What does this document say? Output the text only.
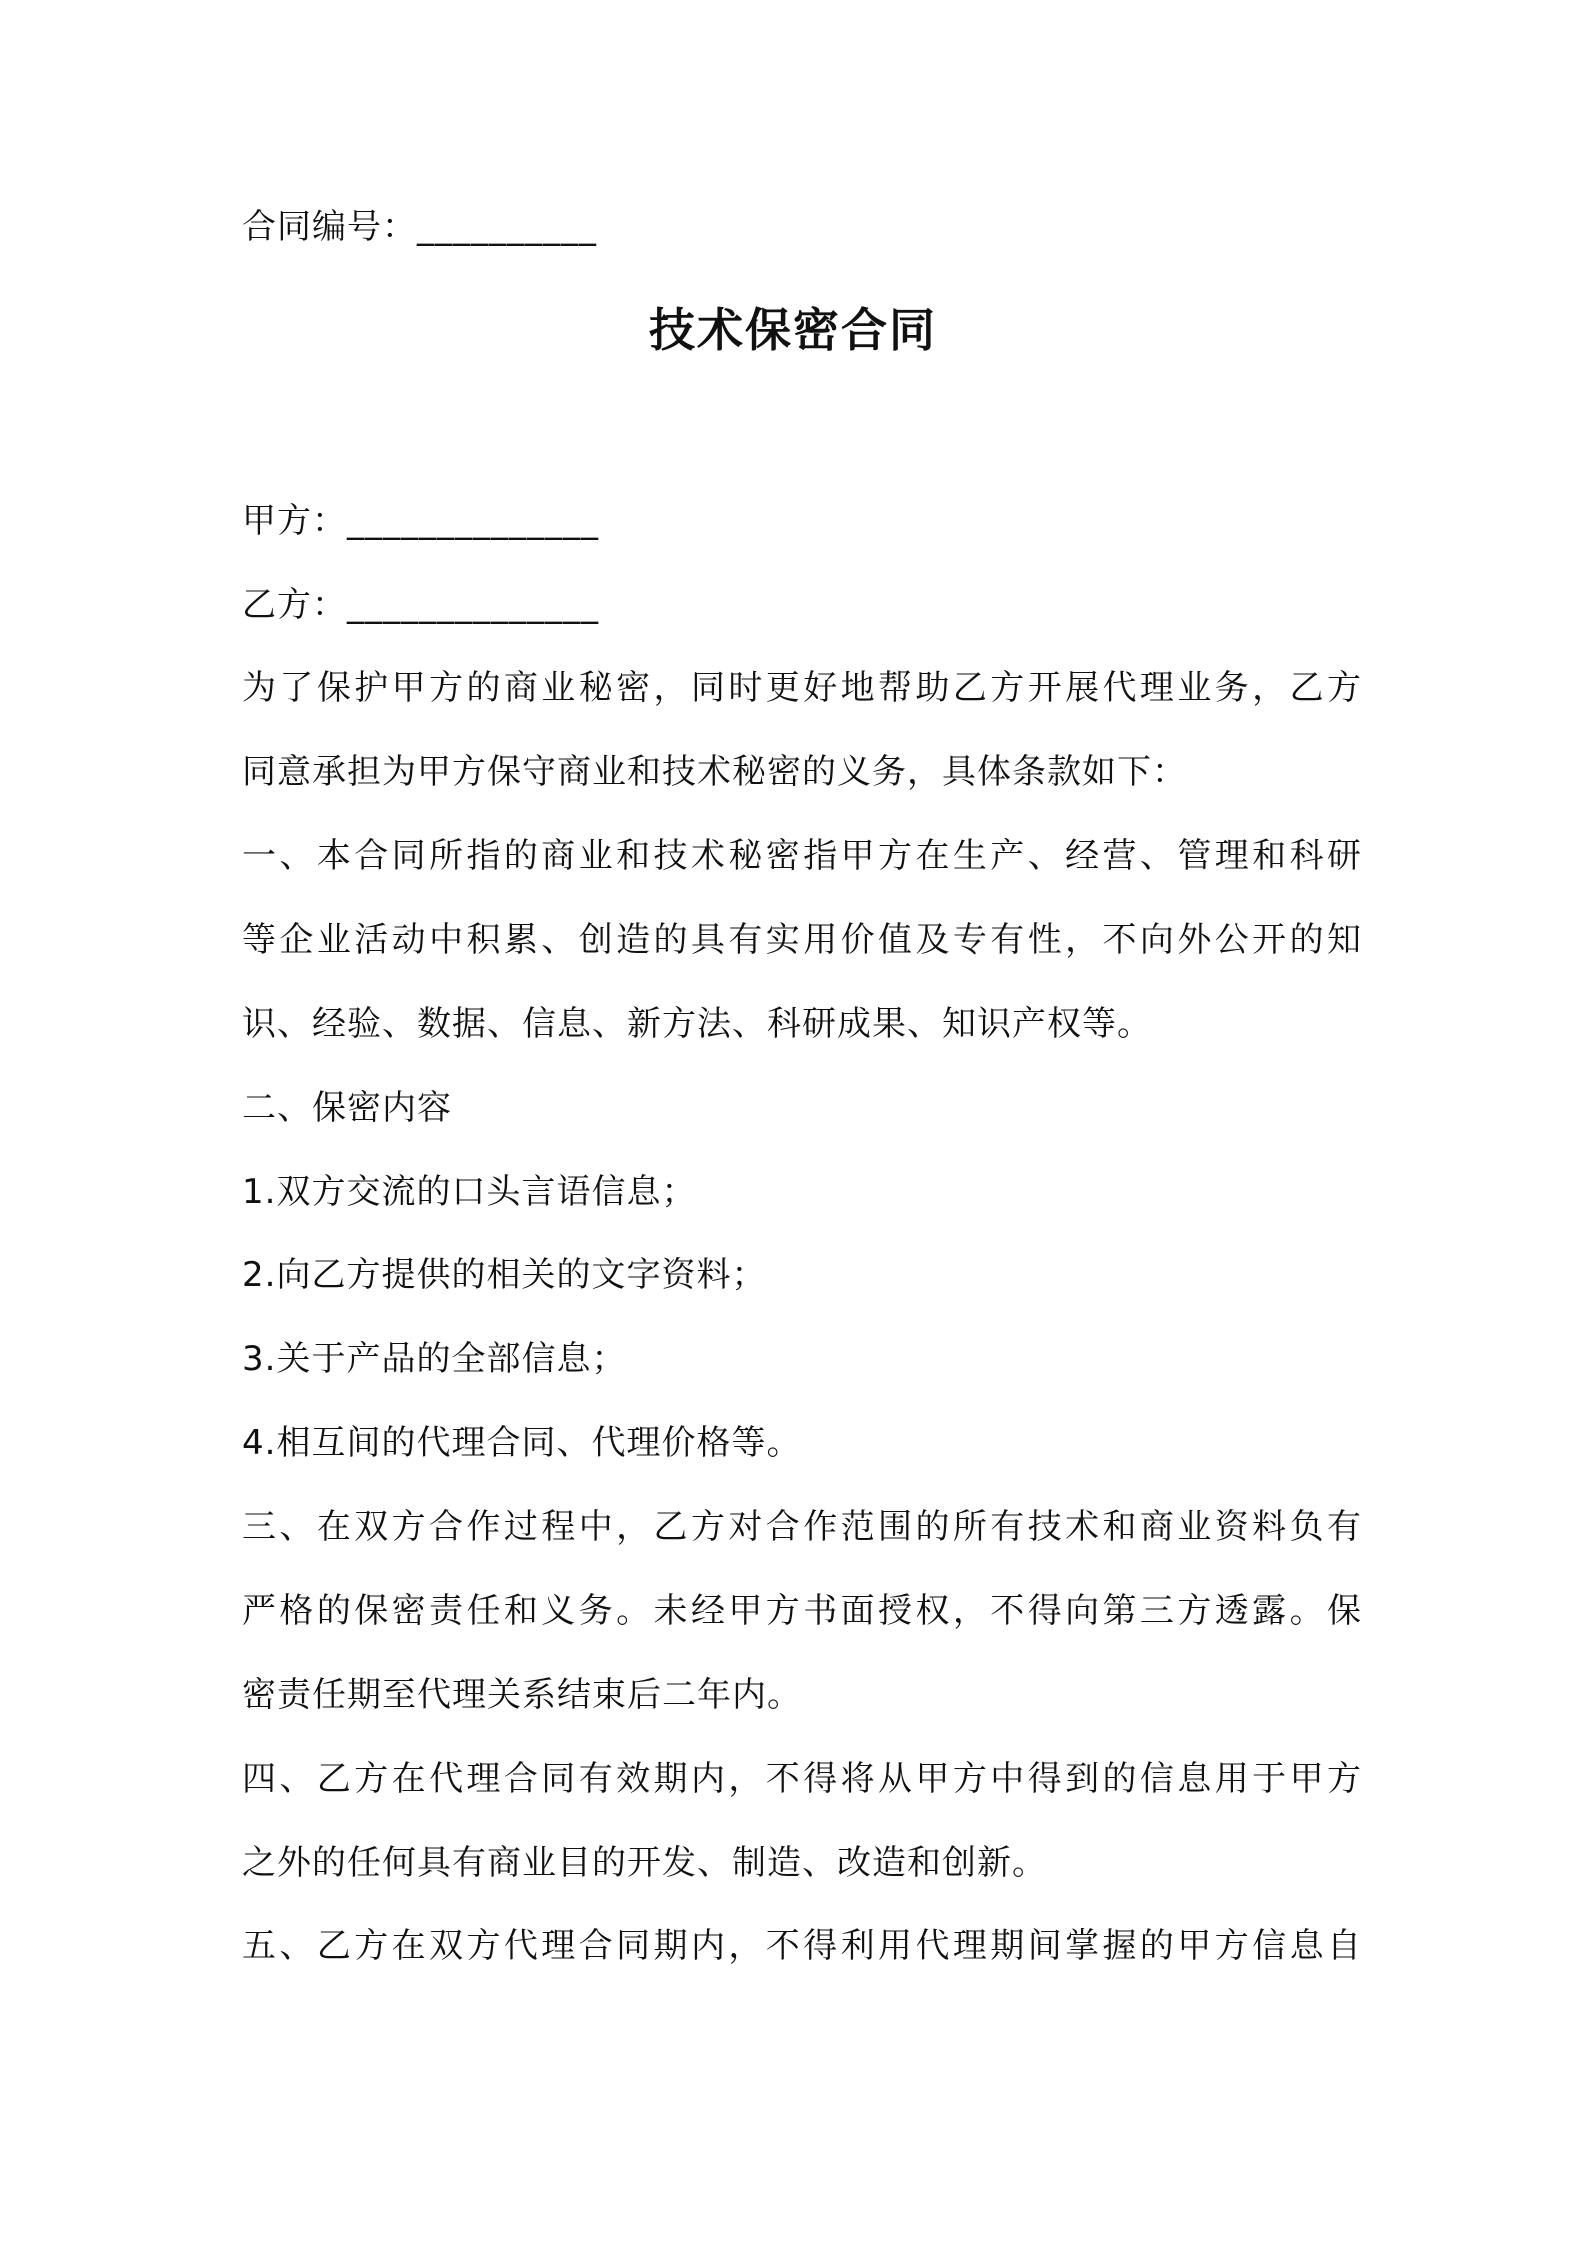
合同编号：__________
技术保密合同
甲方：______________
乙方：______________
为了保护甲方的商业秘密，同时更好地帮助乙方开展代理业务，乙方
同意承担为甲方保守商业和技术秘密的义务，具体条款如下：
一、本合同所指的商业和技术秘密指甲方在生产、经营、管理和科研
等企业活动中积累、创造的具有实用价值及专有性，不向外公开的知
识、经验、数据、信息、新方法、科研成果、知识产权等。
二、保密内容
1.双方交流的口头言语信息；
2.向乙方提供的相关的文字资料；
3.关于产品的全部信息；
4.相互间的代理合同、代理价格等。
三、在双方合作过程中，乙方对合作范围的所有技术和商业资料负有
严格的保密责任和义务。未经甲方书面授权，不得向第三方透露。保
密责任期至代理关系结束后二年内。
四、乙方在代理合同有效期内，不得将从甲方中得到的信息用于甲方
之外的任何具有商业目的开发、制造、改造和创新。
五、乙方在双方代理合同期内，不得利用代理期间掌握的甲方信息自
